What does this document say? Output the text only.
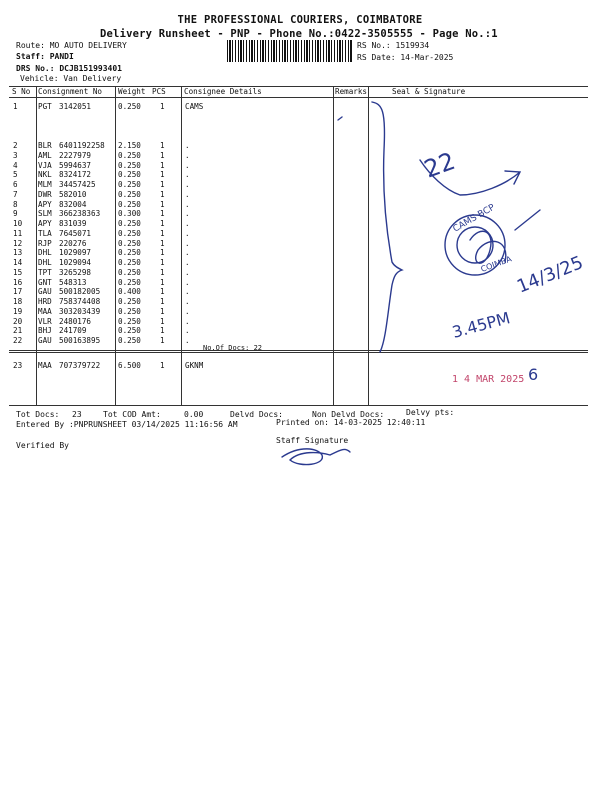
THE PROFESSIONAL COURIERS, COIMBATORE
Delivery Runsheet - PNP - Phone No.:0422-3505555 - Page No.:1
Route: MO AUTO DELIVERY
Staff: PANDI
DRS No.: DCJB151993401
Vehicle: Van Delivery
RS No.: 1519934
RS Date: 14-Mar-2025
S No Consignment No Weight PCS Consignee Details	Remarks	Seal & Signature
1	PGT 3142051	0.250	1	CAMS
2	BLR 6401192258 2.150	1	.
3	AML 2227979	0.250	1	.
4	VJA 5994637	0.250	1	.
5	NKL 8324172	0.250	1	.
6	MLM 34457425	0.250	1	.
7	DWR 582010	0.250	1	.
8	APY 832004	0.250	1	.
9	SLM 366238363 0.300	1	.
10 APY 831039	0.250	1	.
11 TLA 7645071	0.250	1	.
12 RJP 220276	0.250	1	.
13 DHL 1029097	0.250	1	.
14 DHL 1029094	0.250	1	.
15 TPT 3265298	0.250	1	.
16 GNT 548313	0.250	1	.
17 GAU 500182005 0.400	1	.
18 HRD 758374408 0.250	1	.
19 MAA 303203439 0.250	1	.
20 VLR 2480176	0.250	1	.
21 BHJ 241709	0.250	1	.
22 GAU 500163895 0.250	1	.
23 MAA 707379722 6.500	1	GKNM
No.Of Docs: 22
Tot Docs: 23	Tot COD Amt:	0.00	Delvd Docs:	Non Delvd Docs:	Delvy pts:
Entered By :PNPRUNSHEET 03/14/2025 11:16:56 AM	Printed on: 14-03-2025 12:40:11
Verified By
Staff Signature
22
14/3/25
3.45PM
CAMS BCP
COIMBA
1 4 MAR 2025 6
